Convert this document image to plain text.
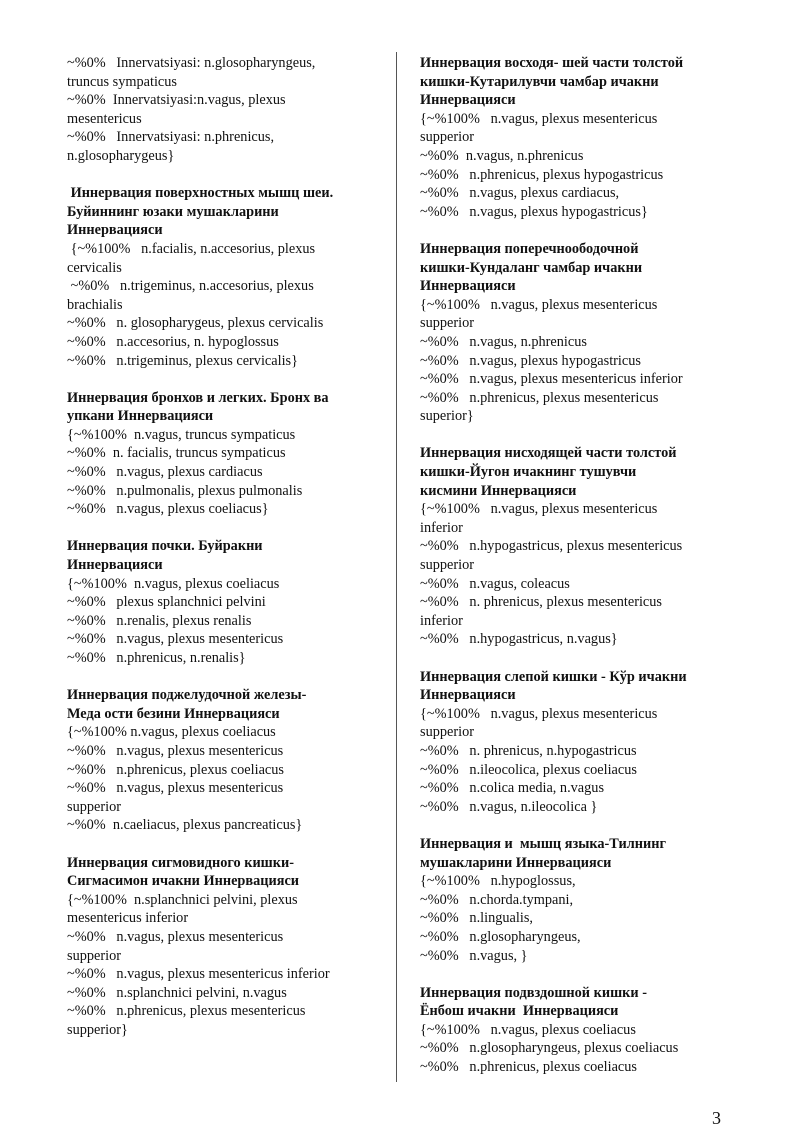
~%0%   Innervatsiyasi: n.glosopharyngeus,
truncus sympaticus
~%0%  Innervatsiyasi:n.vagus, plexus
mesentericus
~%0%   Innervatsiyasi: n.phrenicus,
n.glosopharygeus}
Иннервация поверхностных мышц шеи.
Буйиннинг юзаки мушакларини
Иннервацияси
{~%100%   n.facialis, n.accesorius, plexus
cervicalis
~%0%   n.trigeminus, n.accesorius, plexus
brachialis
~%0%   n. glosopharygeus, plexus cervicalis
~%0%   n.accesorius, n. hypoglossus
~%0%   n.trigeminus, plexus cervicalis}
Иннервация бронхов и легких. Бронх ва
упкани Иннервацияси
{~%100%  n.vagus, truncus sympaticus
~%0%  n. facialis, truncus sympaticus
~%0%   n.vagus, plexus cardiacus
~%0%   n.pulmonalis, plexus pulmonalis
~%0%   n.vagus, plexus coeliacus}
Иннервация почки. Буйракни
Иннервацияси
{~%100%  n.vagus, plexus coeliacus
~%0%   plexus splanchnici pelvini
~%0%   n.renalis, plexus renalis
~%0%   n.vagus, plexus mesentericus
~%0%   n.phrenicus, n.renalis}
Иннервация поджелудочной железы-
Меда ости безини Иннервацияси
{~%100% n.vagus, plexus coeliacus
~%0%   n.vagus, plexus mesentericus
~%0%   n.phrenicus, plexus coeliacus
~%0%   n.vagus, plexus mesentericus
supperior
~%0%  n.caeliacus, plexus pancreaticus}
Иннервация сигмовидного кишки-
Сигмасимон ичакни Иннервацияси
{~%100%  n.splanchnici pelvini, plexus
mesentericus inferior
~%0%   n.vagus, plexus mesentericus
supperior
~%0%   n.vagus, plexus mesentericus inferior
~%0%   n.splanchnici pelvini, n.vagus
~%0%   n.phrenicus, plexus mesentericus
supperior}
Иннервация восходя- шей части толстой
кишки-Кутарилувчи чамбар ичакни
Иннервацияси
{~%100%   n.vagus, plexus mesentericus
supperior
~%0%  n.vagus, n.phrenicus
~%0%   n.phrenicus, plexus hypogastricus
~%0%   n.vagus, plexus cardiacus,
~%0%   n.vagus, plexus hypogastricus}
Иннервация поперечноободочной
кишки-Кундаланг чамбар ичакни
Иннервацияси
{~%100%   n.vagus, plexus mesentericus
supperior
~%0%   n.vagus, n.phrenicus
~%0%   n.vagus, plexus hypogastricus
~%0%   n.vagus, plexus mesentericus inferior
~%0%   n.phrenicus, plexus mesentericus
superior}
Иннервация нисходящей части толстой
кишки-Йугон ичакнинг тушувчи
кисмини Иннервацияси
{~%100%   n.vagus, plexus mesentericus
inferior
~%0%   n.hypogastricus, plexus mesentericus
supperior
~%0%   n.vagus, coleacus
~%0%   n. phrenicus, plexus mesentericus
inferior
~%0%   n.hypogastricus, n.vagus}
Иннервация слепой кишки - Кўр ичакни
Иннервацияси
{~%100%   n.vagus, plexus mesentericus
supperior
~%0%   n. phrenicus, n.hypogastricus
~%0%   n.ileocolica, plexus coeliacus
~%0%   n.colica media, n.vagus
~%0%   n.vagus, n.ileocolica }
Иннервация и  мышц языка-Тилнинг
мушакларини Иннервацияси
{~%100%   n.hypoglossus,
~%0%   n.chorda.tympani,
~%0%   n.lingualis,
~%0%   n.glosopharyngeus,
~%0%   n.vagus, }
Иннервация подвздошной кишки -
Ёнбош ичакни  Иннервацияси
{~%100%   n.vagus, plexus coeliacus
~%0%   n.glosopharyngeus, plexus coeliacus
~%0%   n.phrenicus, plexus coeliacus
3
